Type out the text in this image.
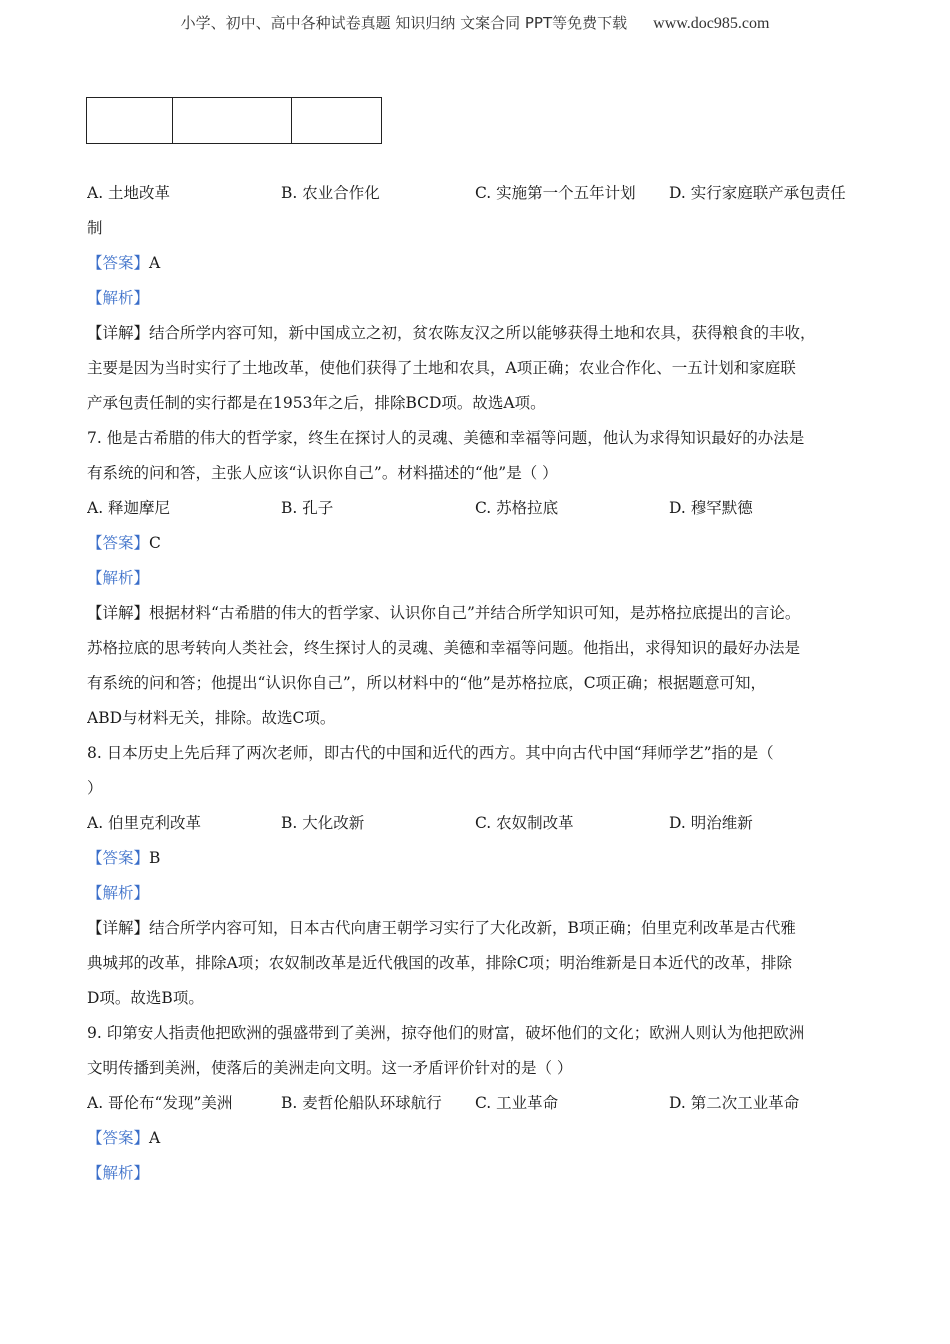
小学、初中、高中各种试卷真题 知识归纳 文案合同 PPT等免费下载 www.doc985.com

A. 土地改革	B. 农业合作化	C. 实施第一个五年计划	D. 实行家庭联产承包责任
制
【答案】A
【解析】
【详解】结合所学内容可知，新中国成立之初，贫农陈友汉之所以能够获得土地和农具，获得粮食的丰收，
主要是因为当时实行了土地改革，使他们获得了土地和农具，A项正确；农业合作化、一五计划和家庭联
产承包责任制的实行都是在1953年之后，排除BCD项。故选A项。
7. 他是古希腊的伟大的哲学家，终生在探讨人的灵魂、美德和幸福等问题，他认为求得知识最好的办法是
有系统的问和答，主张人应该“认识你自己”。材料描述的“他”是（ ）
A. 释迦摩尼	B. 孔子	C. 苏格拉底	D. 穆罕默德
【答案】C
【解析】
【详解】根据材料“古希腊的伟大的哲学家、认识你自己”并结合所学知识可知，是苏格拉底提出的言论。
苏格拉底的思考转向人类社会，终生探讨人的灵魂、美德和幸福等问题。他指出，求得知识的最好办法是
有系统的问和答；他提出“认识你自己”，所以材料中的“他”是苏格拉底，C项正确；根据题意可知，
ABD与材料无关，排除。故选C项。
8. 日本历史上先后拜了两次老师，即古代的中国和近代的西方。其中向古代中国“拜师学艺”指的是（
）
A. 伯里克利改革	B. 大化改新	C. 农奴制改革	D. 明治维新
【答案】B
【解析】
【详解】结合所学内容可知，日本古代向唐王朝学习实行了大化改新，B项正确；伯里克利改革是古代雅
典城邦的改革，排除A项；农奴制改革是近代俄国的改革，排除C项；明治维新是日本近代的改革，排除
D项。故选B项。
9. 印第安人指责他把欧洲的强盛带到了美洲，掠夺他们的财富，破坏他们的文化；欧洲人则认为他把欧洲
文明传播到美洲，使落后的美洲走向文明。这一矛盾评价针对的是（ ）
A. 哥伦布“发现”美洲	B. 麦哲伦船队环球航行	C. 工业革命	D. 第二次工业革命
【答案】A
【解析】
